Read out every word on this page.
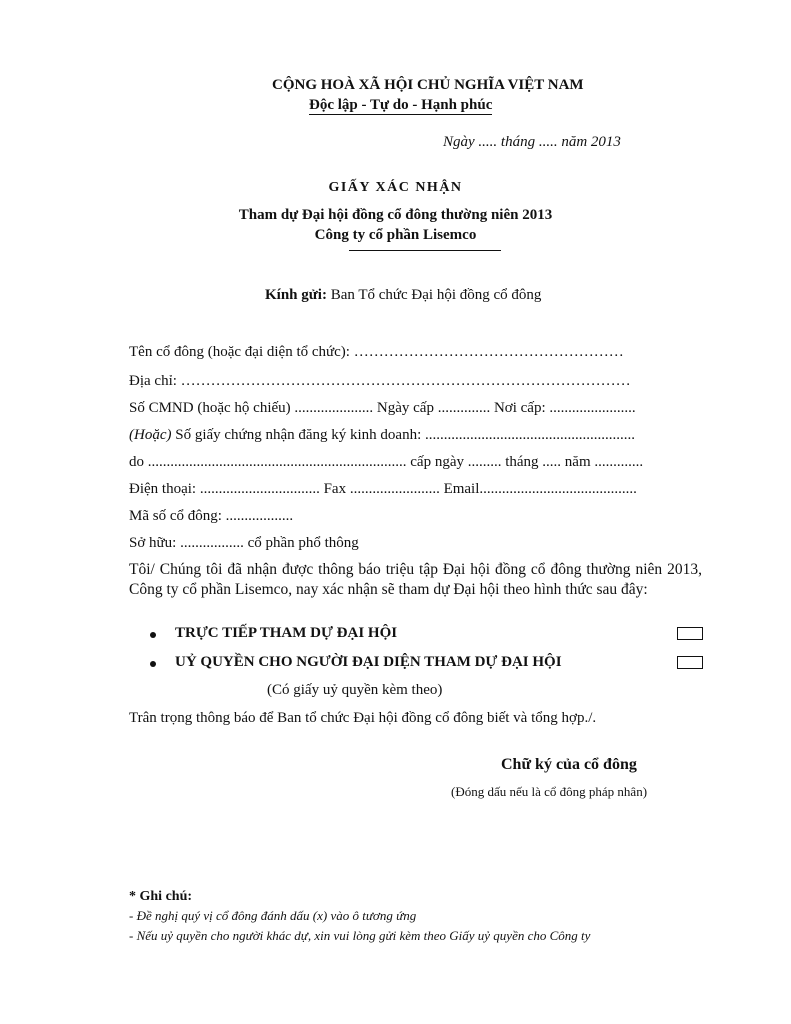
CỘNG HOÀ XÃ HỘI CHỦ NGHĨA VIỆT NAM
Độc lập - Tự do - Hạnh phúc
Ngày ..... tháng ..... năm 2013
GIẤY XÁC NHẬN
Tham dự Đại hội đồng cổ đông thường niên 2013
Công ty cổ phần Lisemco
Kính gửi: Ban Tổ chức Đại hội đồng cổ đông
Tên cổ đông (hoặc đại diện tổ chức): ………………………………………………
Địa chỉ: ………………………………………………………………………………
Số CMND (hoặc hộ chiếu) ..................... Ngày cấp .............. Nơi cấp: .......................
(Hoặc) Số giấy chứng nhận đăng ký kinh doanh: ........................................................
do ..................................................................... cấp ngày ......... tháng ..... năm .............
Điện thoại: ................................ Fax ........................ Email..........................................
Mã số cổ đông: ..................
Sở hữu: ................. cổ phần phổ thông
Tôi/ Chúng tôi đã nhận được thông báo triệu tập Đại hội đồng cổ đông thường niên 2013, Công ty cổ phần Lisemco, nay xác nhận sẽ tham dự Đại hội theo hình thức sau đây:
TRỰC TIẾP THAM DỰ ĐẠI HỘI
UỶ QUYỀN CHO NGƯỜI ĐẠI DIỆN THAM DỰ ĐẠI HỘI
(Có giấy uỷ quyền kèm theo)
Trân trọng thông báo để Ban tổ chức Đại hội đồng cổ đông biết và tổng hợp./.
Chữ ký của cổ đông
(Đóng dấu nếu là cổ đông pháp nhân)
* Ghi chú:
- Đề nghị quý vị cổ đông đánh dấu (x) vào ô tương ứng
- Nếu uỷ quyền cho người khác dự, xin vui lòng gửi kèm theo Giấy uỷ quyền cho Công ty
